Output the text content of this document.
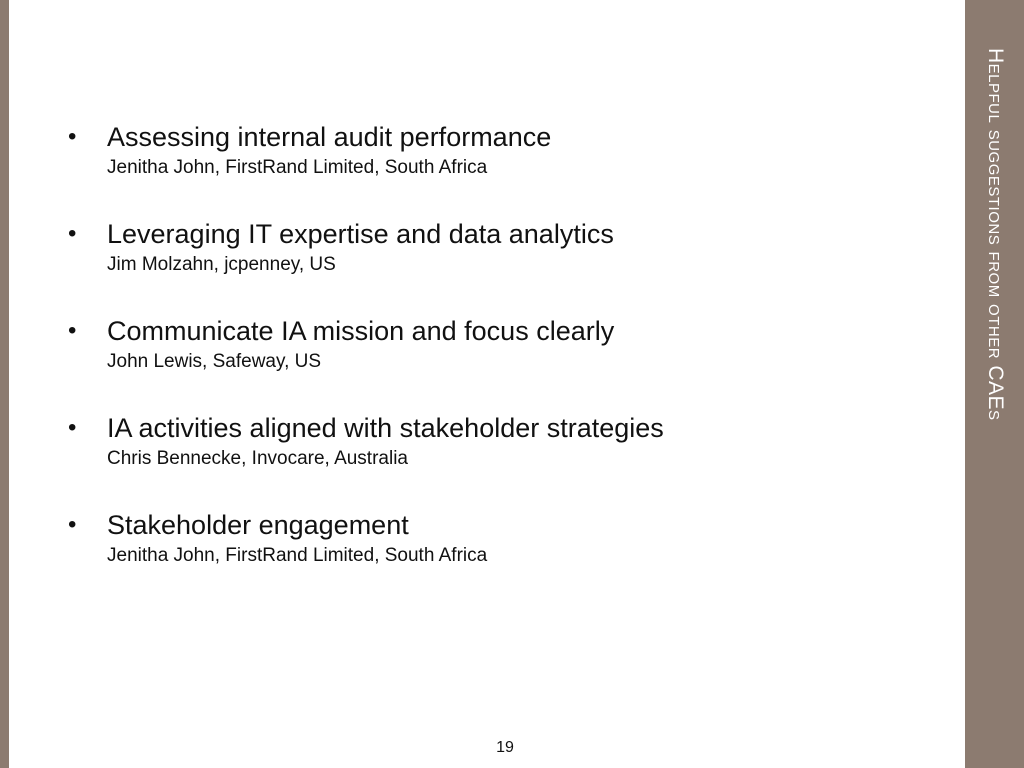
• Assessing internal audit performance
Jenitha John, FirstRand Limited, South Africa
• Leveraging IT expertise and data analytics
Jim Molzahn, jcpenney, US
• Communicate IA mission and focus clearly
John Lewis, Safeway, US
• IA activities aligned with stakeholder strategies
Chris Bennecke, Invocare, Australia
• Stakeholder engagement
Jenitha John, FirstRand Limited, South Africa
19
Helpful suggestions from other CAEs
